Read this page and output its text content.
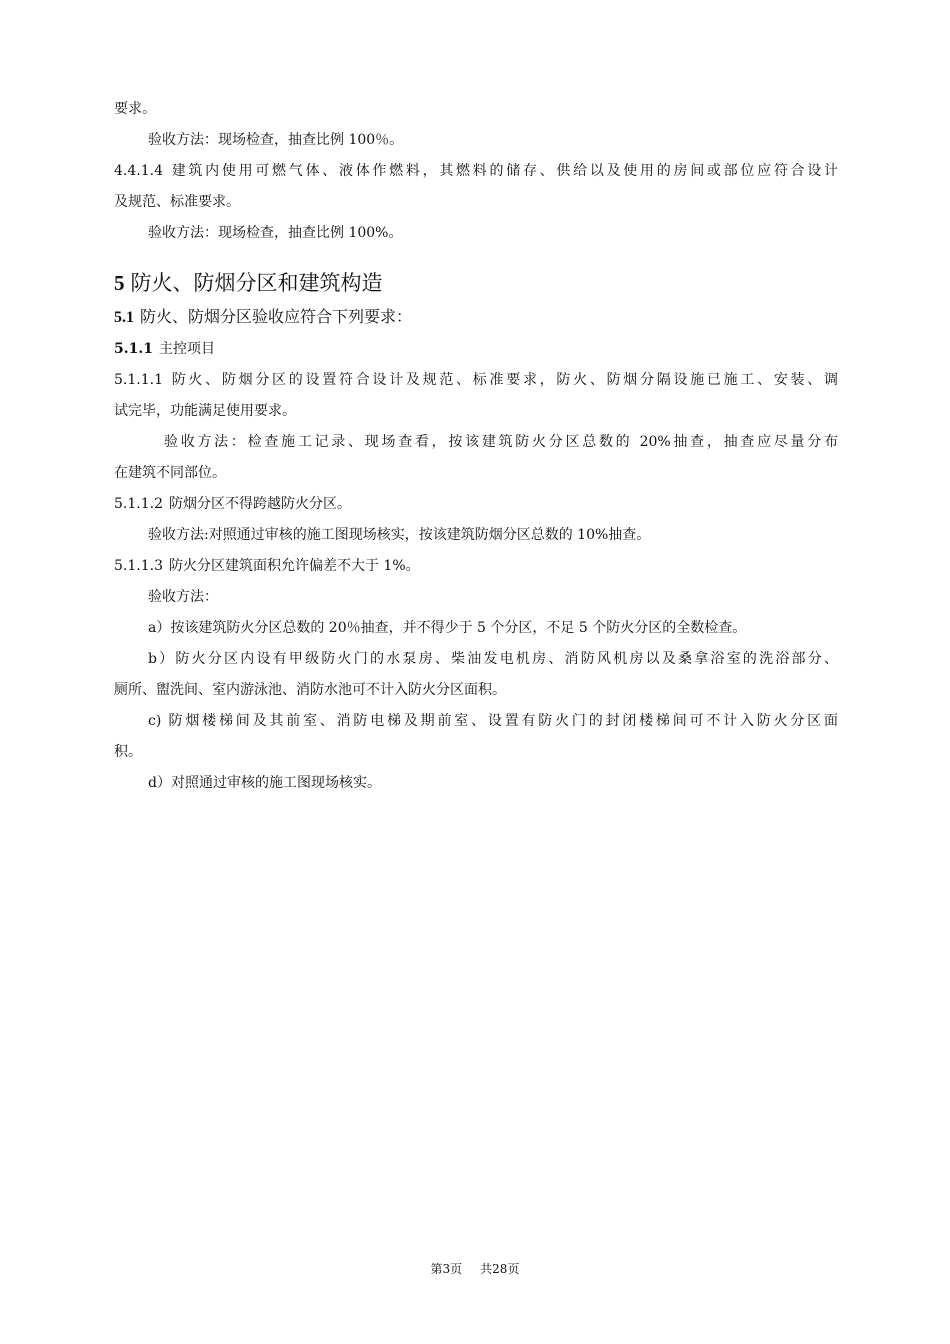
要求。
验收方法：现场检查，抽查比例 100％。
4.4.1.4 建筑内使用可燃气体、液体作燃料，其燃料的储存、供给以及使用的房间或部位应符合设计
及规范、标准要求。
验收方法：现场检查，抽查比例 100%。
5 防火、防烟分区和建筑构造
5.1 防火、防烟分区验收应符合下列要求：
5.1.1 主控项目
5.1.1.1 防火、防烟分区的设置符合设计及规范、标准要求，防火、防烟分隔设施已施工、安装、调
试完毕，功能满足使用要求。
验收方法：检查施工记录、现场查看，按该建筑防火分区总数的 20%抽查，抽查应尽量分布
在建筑不同部位。
5.1.1.2 防烟分区不得跨越防火分区。
验收方法:对照通过审核的施工图现场核实，按该建筑防烟分区总数的 10%抽查。
5.1.1.3 防火分区建筑面积允许偏差不大于 1%。
验收方法：
a）按该建筑防火分区总数的 20％抽查，并不得少于 5 个分区，不足 5 个防火分区的全数检查。
b）防火分区内设有甲级防火门的水泵房、柴油发电机房、消防风机房以及桑拿浴室的洗浴部分、
厕所、盥洗间、室内游泳池、消防水池可不计入防火分区面积。
c) 防烟楼梯间及其前室、消防电梯及期前室、设置有防火门的封闭楼梯间可不计入防火分区面
积。
d）对照通过审核的施工图现场核实。
第3页 共28页
